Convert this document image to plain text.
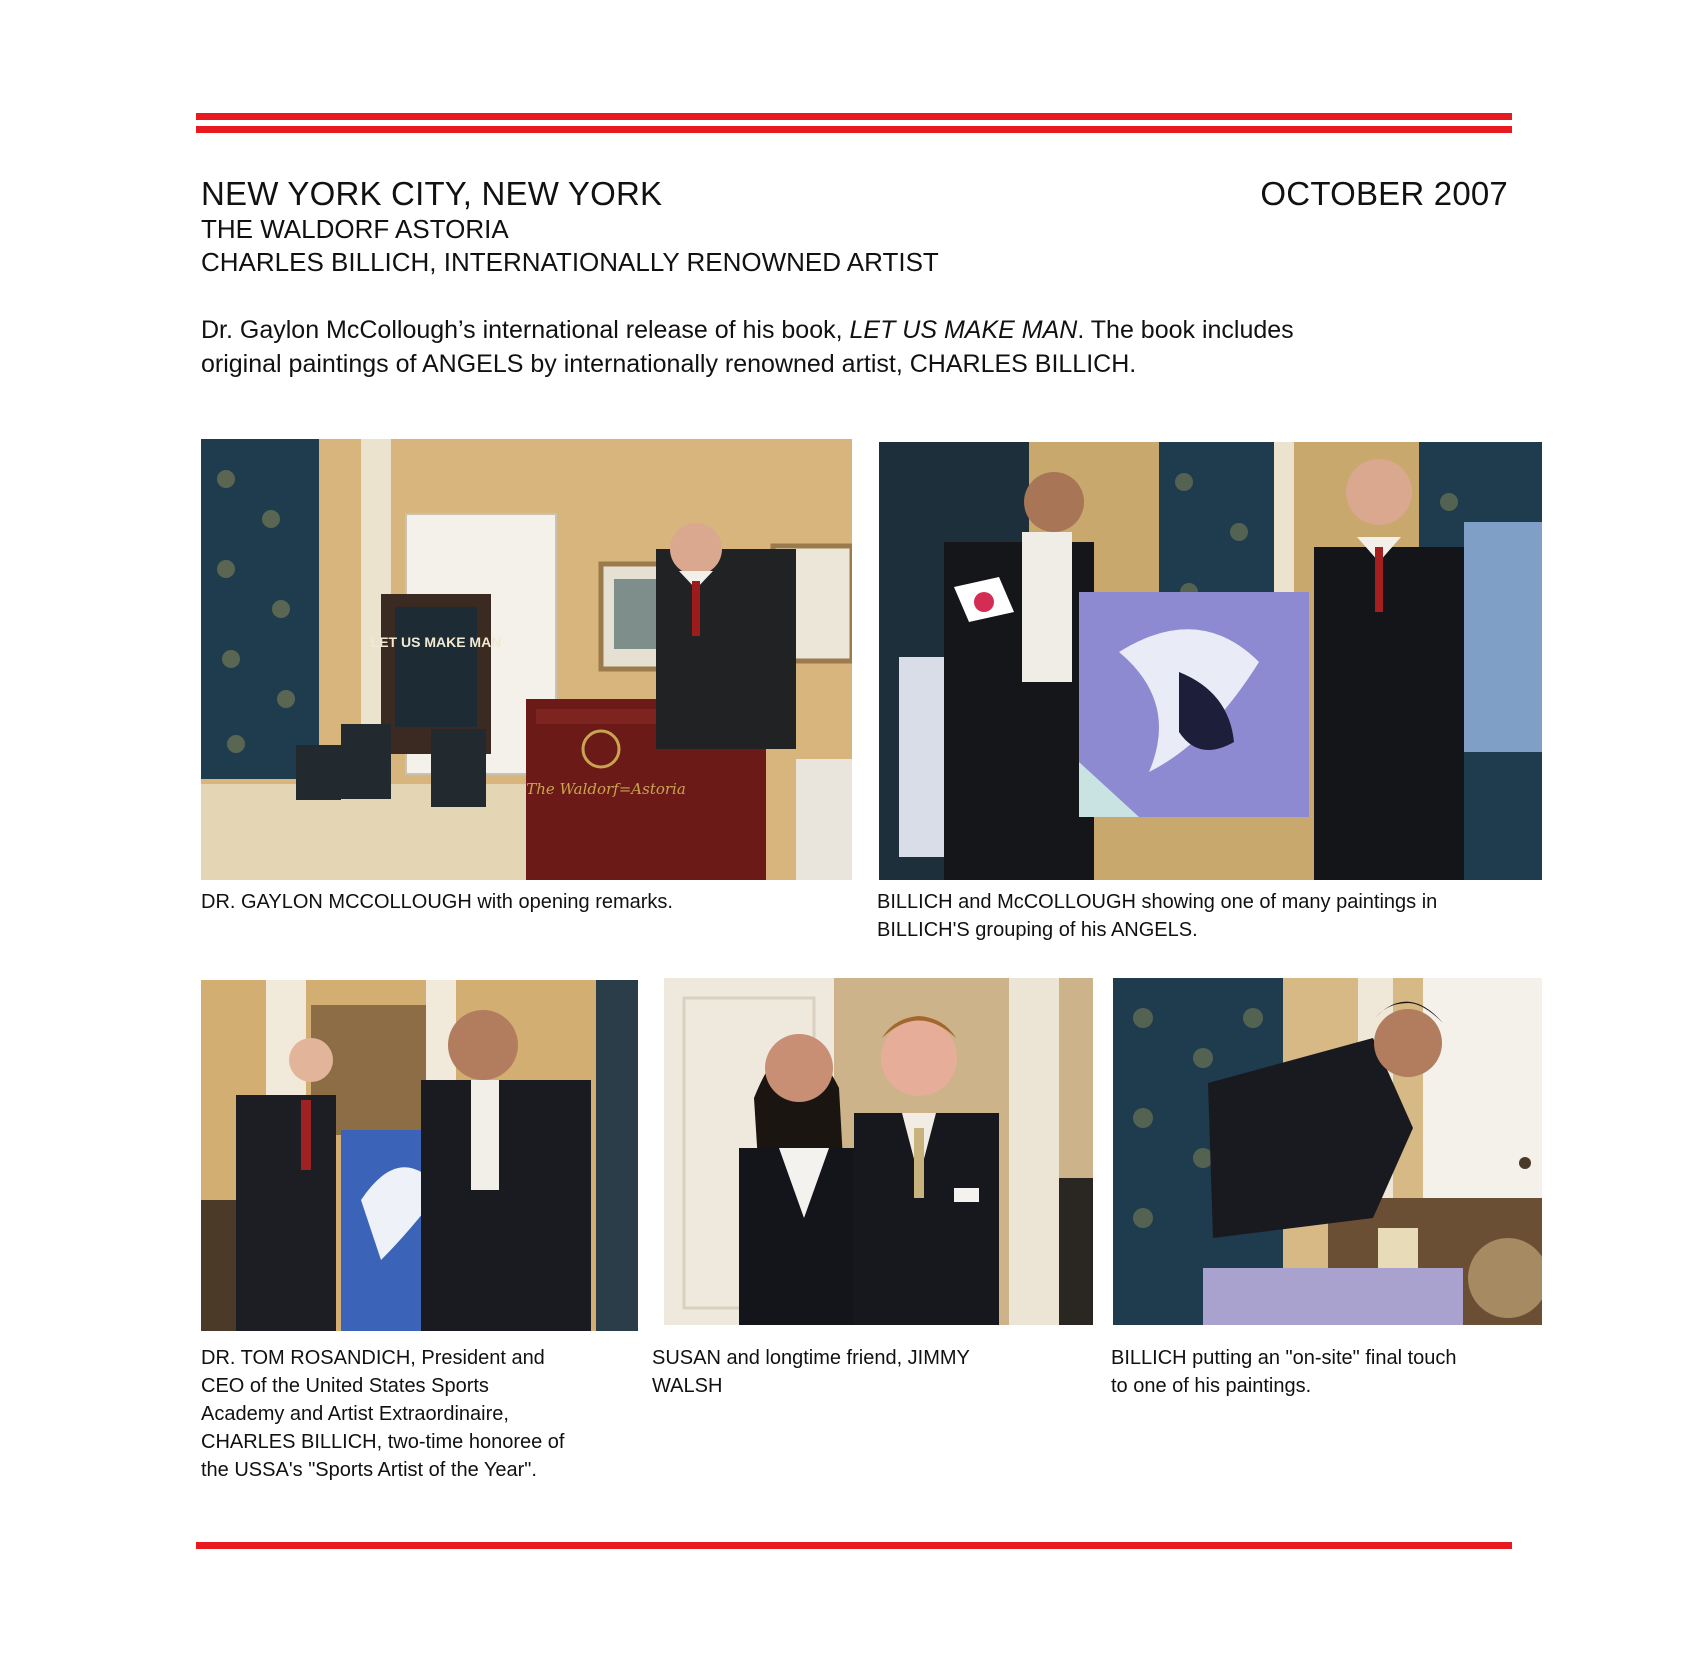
NEW YORK CITY, NEW YORK	OCTOBER 2007
THE WALDORF ASTORIA
CHARLES BILLICH, INTERNATIONALLY RENOWNED ARTIST
Dr. Gaylon McCollough’s international release of his book, LET US MAKE MAN. The book includes
original paintings of ANGELS by internationally renowned artist, CHARLES BILLICH.
LET US MAKE MAN
The Waldorf=Astoria
DR. GAYLON MCCOLLOUGH with opening remarks.	BILLICH and McCOLLOUGH showing one of many paintings in
BILLICH'S grouping of his ANGELS.
DR. TOM ROSANDICH, President and
CEO of the United States Sports
Academy and Artist Extraordinaire,
CHARLES BILLICH, two-time honoree of
the USSA's "Sports Artist of the Year".
SUSAN and longtime friend, JIMMY
WALSH
BILLICH putting an "on-site" final touch
to one of his paintings.
